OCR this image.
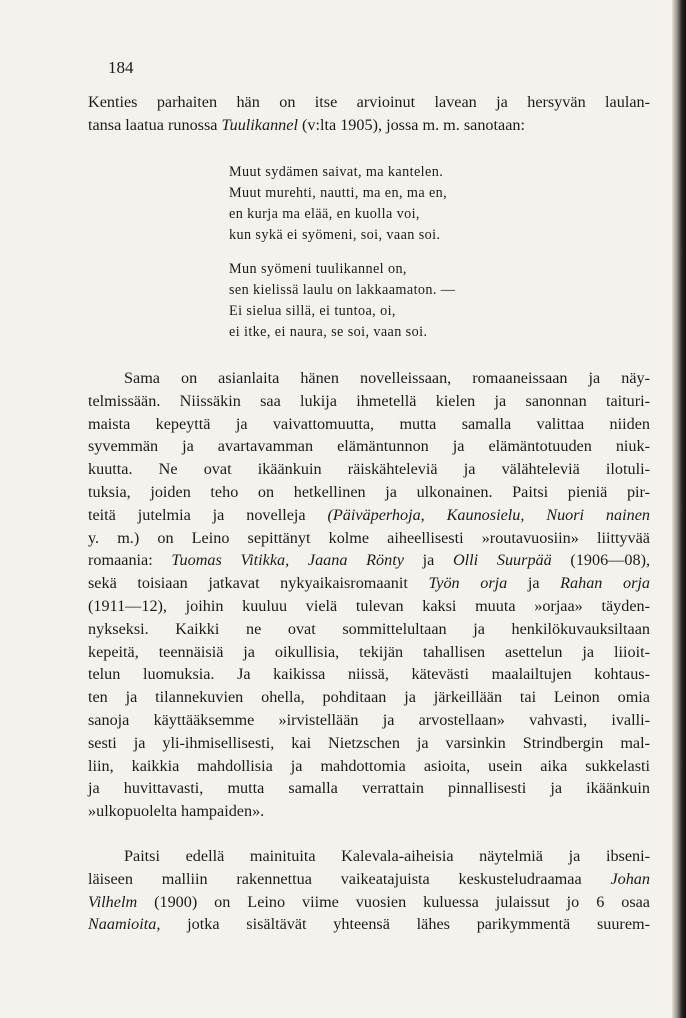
184
Kenties parhaiten hän on itse arvioinut lavean ja hersyvän laulan-
tansa laatua runossa Tuulikannel (v:lta 1905), jossa m. m. sanotaan:
Muut sydämen saivat, ma kantelen.
Muut murehti, nautti, ma en, ma en,
en kurja ma elää, en kuolla voi,
kun sykä ei syömeni, soi, vaan soi.
Mun syömeni tuulikannel on,
sen kielissä laulu on lakkaamaton. —
Ei sielua sillä, ei tuntoa, oi,
ei itke, ei naura, se soi, vaan soi.
Sama on asianlaita hänen novelleissaan, romaaneissaan ja näy-
telmissään. Niissäkin saa lukija ihmetellä kielen ja sanonnan taituri-
maista kepeyttä ja vaivattomuutta, mutta samalla valittaa niiden
syvemmän ja avartavamman elämäntunnon ja elämäntotuuden niuk-
kuutta. Ne ovat ikäänkuin räiskähteleviä ja välähteleviä ilotuli-
tuksia, joiden teho on hetkellinen ja ulkonainen. Paitsi pieniä pir-
teitä jutelmia ja novelleja (Päiväperhoja, Kaunosielu, Nuori nainen
y. m.) on Leino sepittänyt kolme aiheellisesti »routavuosiin» liittyvää
romaania: Tuomas Vitikka, Jaana Rönty ja Olli Suurpää (1906—08),
sekä toisiaan jatkavat nykyaikaisromaanit Työn orja ja Rahan orja
(1911—12), joihin kuuluu vielä tulevan kaksi muuta »orjaa» täyden-
nykseksi. Kaikki ne ovat sommittelultaan ja henkilökuvauksiltaan
kepeitä, teennäisiä ja oikullisia, tekijän tahallisen asettelun ja liioit-
telun luomuksia. Ja kaikissa niissä, kätevästi maalailtujen kohtaus-
ten ja tilannekuvien ohella, pohditaan ja järkeillään tai Leinon omia
sanoja käyttääksemme »irvistellään ja arvostellaan» vahvasti, ivalli-
sesti ja yli-ihmisellisesti, kai Nietzschen ja varsinkin Strindbergin mal-
liin, kaikkia mahdollisia ja mahdottomia asioita, usein aika sukkelasti
ja huvittavasti, mutta samalla verrattain pinnallisesti ja ikäänkuin
»ulkopuolelta hampaiden».
Paitsi edellä mainituita Kalevala-aiheisia näytelmiä ja ibseni-
läiseen malliin rakennettua vaikeatajuista keskusteludraamaa Johan
Vilhelm (1900) on Leino viime vuosien kuluessa julaissut jo 6 osaa
Naamioita, jotka sisältävät yhteensä lähes parikymmentä suurem-
